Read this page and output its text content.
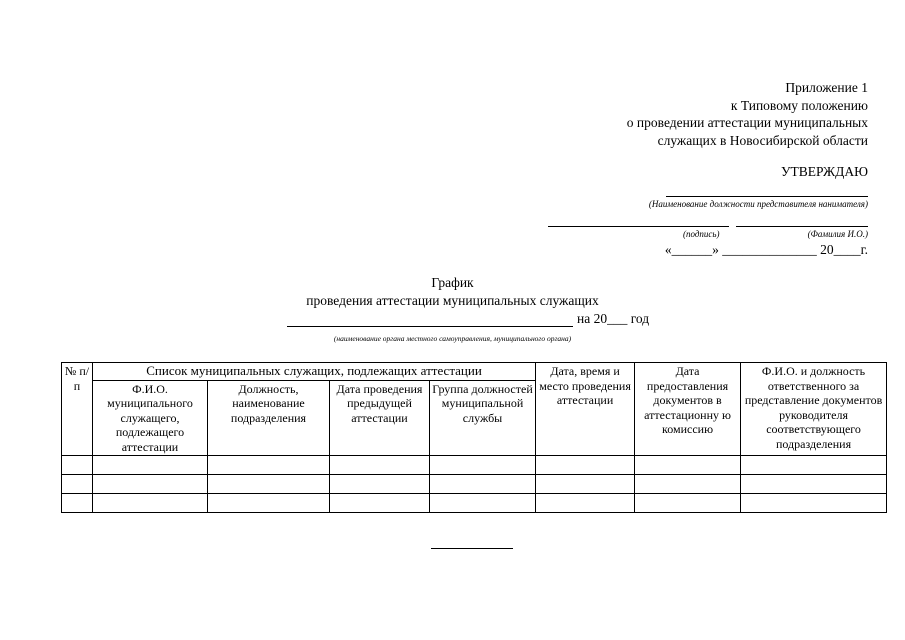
Приложение 1
к Типовому положению
о проведении аттестации муниципальных
служащих в Новосибирской области
УТВЕРЖДАЮ
(Наименование должности представителя нанимателя)
(подпись)	(Фамилия И.О.)
«______» ______________ 20____г.
График
проведения аттестации муниципальных служащих
на 20___ год
(наименование органа местного самоуправления, муниципального органа)
№ п/п	Список муниципальных служащих, подлежащих аттестации				Дата, время и место проведения аттестации	Дата предоставления документов в аттестационну ю комиссию	Ф.И.О. и должность ответственного за представление документов руководителя соответствующего подразделения
	Ф.И.О. муниципального служащего, подлежащего аттестации	Должность, наименование подразделения	Дата проведения предыдущей аттестации	Группа должностей муниципальной службы			
